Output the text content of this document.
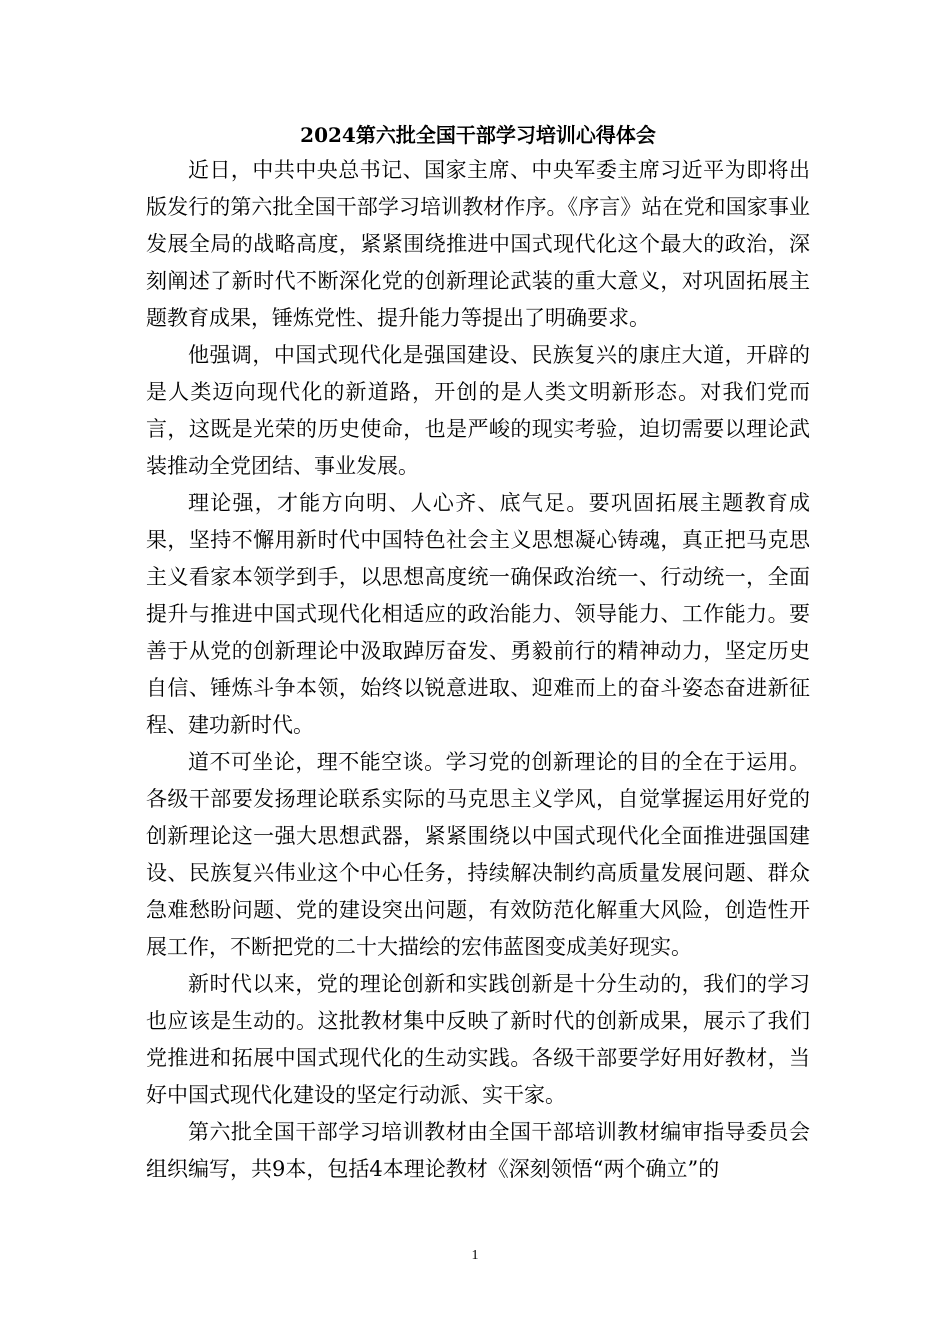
2024第六批全国干部学习培训心得体会

近日，中共中央总书记、国家主席、中央军委主席习近平为即将出版发行的第六批全国干部学习培训教材作序。《序言》站在党和国家事业发展全局的战略高度，紧紧围绕推进中国式现代化这个最大的政治，深刻阐述了新时代不断深化党的创新理论武装的重大意义，对巩固拓展主题教育成果，锤炼党性、提升能力等提出了明确要求。

他强调，中国式现代化是强国建设、民族复兴的康庄大道，开辟的是人类迈向现代化的新道路，开创的是人类文明新形态。对我们党而言，这既是光荣的历史使命，也是严峻的现实考验，迫切需要以理论武装推动全党团结、事业发展。

理论强，才能方向明、人心齐、底气足。要巩固拓展主题教育成果，坚持不懈用新时代中国特色社会主义思想凝心铸魂，真正把马克思主义看家本领学到手，以思想高度统一确保政治统一、行动统一，全面提升与推进中国式现代化相适应的政治能力、领导能力、工作能力。要善于从党的创新理论中汲取踔厉奋发、勇毅前行的精神动力，坚定历史自信、锤炼斗争本领，始终以锐意进取、迎难而上的奋斗姿态奋进新征程、建功新时代。

道不可坐论，理不能空谈。学习党的创新理论的目的全在于运用。各级干部要发扬理论联系实际的马克思主义学风，自觉掌握运用好党的创新理论这一强大思想武器，紧紧围绕以中国式现代化全面推进强国建设、民族复兴伟业这个中心任务，持续解决制约高质量发展问题、群众急难愁盼问题、党的建设突出问题，有效防范化解重大风险，创造性开展工作，不断把党的二十大描绘的宏伟蓝图变成美好现实。

新时代以来，党的理论创新和实践创新是十分生动的，我们的学习也应该是生动的。这批教材集中反映了新时代的创新成果，展示了我们党推进和拓展中国式现代化的生动实践。各级干部要学好用好教材，当好中国式现代化建设的坚定行动派、实干家。

第六批全国干部学习培训教材由全国干部培训教材编审指导委员会组织编写，共9本，包括4本理论教材《深刻领悟“两个确立”的

1
